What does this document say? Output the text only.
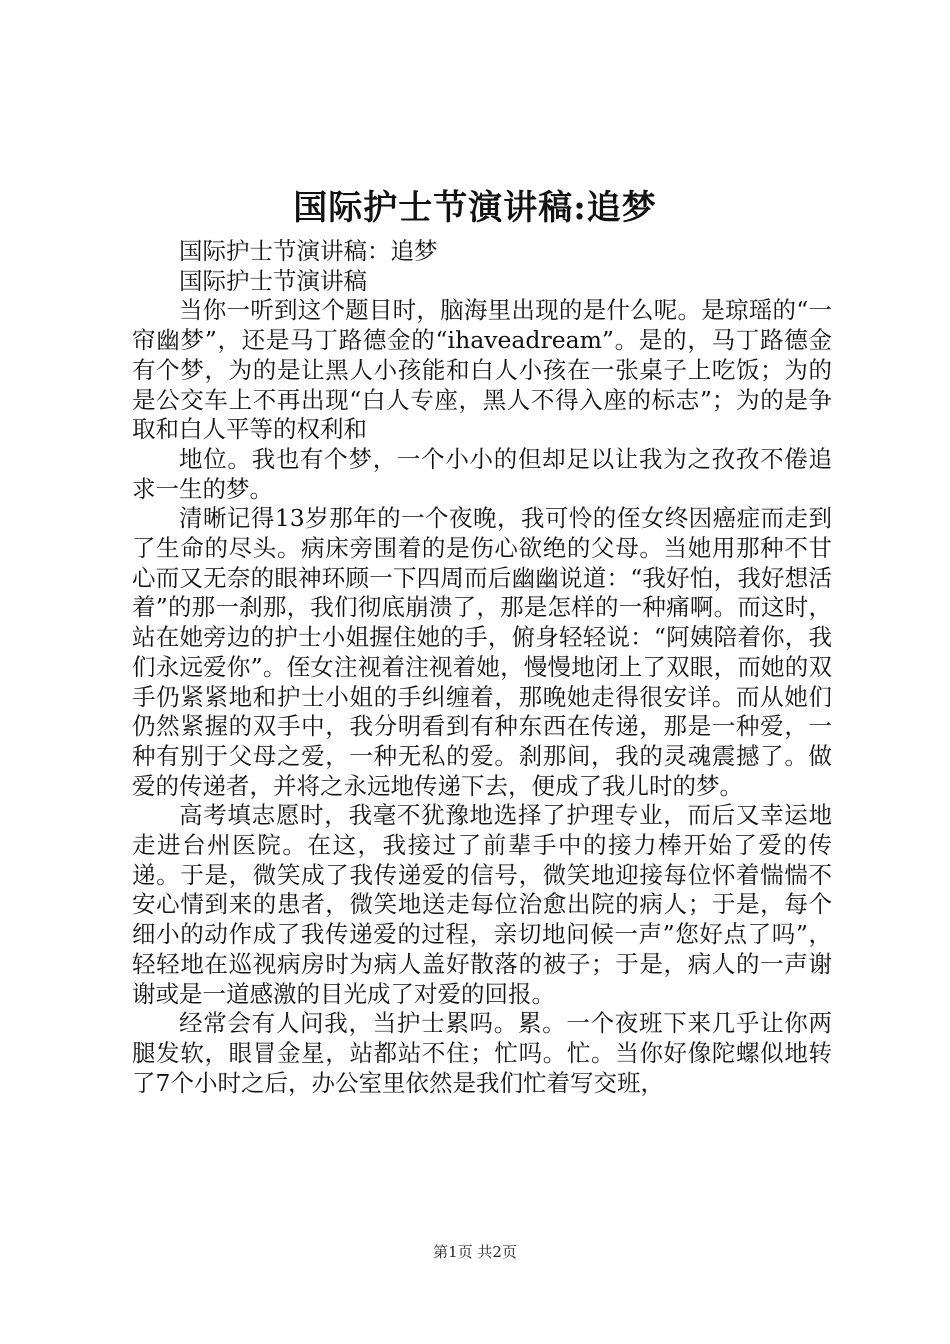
国际护士节演讲稿:追梦

国际护士节演讲稿：追梦

国际护士节演讲稿

当你一听到这个题目时，脑海里出现的是什么呢。是琼瑶的“一帘幽梦”，还是马丁路德金的“ihaveadream”。是的，马丁路德金有个梦，为的是让黑人小孩能和白人小孩在一张桌子上吃饭；为的是公交车上不再出现“白人专座，黑人不得入座的标志”；为的是争取和白人平等的权利和

地位。我也有个梦，一个小小的但却足以让我为之孜孜不倦追求一生的梦。

清晰记得13岁那年的一个夜晚，我可怜的侄女终因癌症而走到了生命的尽头。病床旁围着的是伤心欲绝的父母。当她用那种不甘心而又无奈的眼神环顾一下四周而后幽幽说道：“我好怕，我好想活着”的那一刹那，我们彻底崩溃了，那是怎样的一种痛啊。而这时，站在她旁边的护士小姐握住她的手，俯身轻轻说：“阿姨陪着你，我们永远爱你”。侄女注视着注视着她，慢慢地闭上了双眼，而她的双手仍紧紧地和护士小姐的手纠缠着，那晚她走得很安详。而从她们仍然紧握的双手中，我分明看到有种东西在传递，那是一种爱，一种有别于父母之爱，一种无私的爱。刹那间，我的灵魂震撼了。做爱的传递者，并将之永远地传递下去，便成了我儿时的梦。

高考填志愿时，我毫不犹豫地选择了护理专业，而后又幸运地走进台州医院。在这，我接过了前辈手中的接力棒开始了爱的传递。于是，微笑成了我传递爱的信号，微笑地迎接每位怀着惴惴不安心情到来的患者，微笑地送走每位治愈出院的病人；于是，每个细小的动作成了我传递爱的过程，亲切地问候一声”您好点了吗”，轻轻地在巡视病房时为病人盖好散落的被子；于是，病人的一声谢谢或是一道感激的目光成了对爱的回报。

经常会有人问我，当护士累吗。累。一个夜班下来几乎让你两腿发软，眼冒金星，站都站不住；忙吗。忙。当你好像陀螺似地转了7个小时之后，办公室里依然是我们忙着写交班，

第1页 共2页
